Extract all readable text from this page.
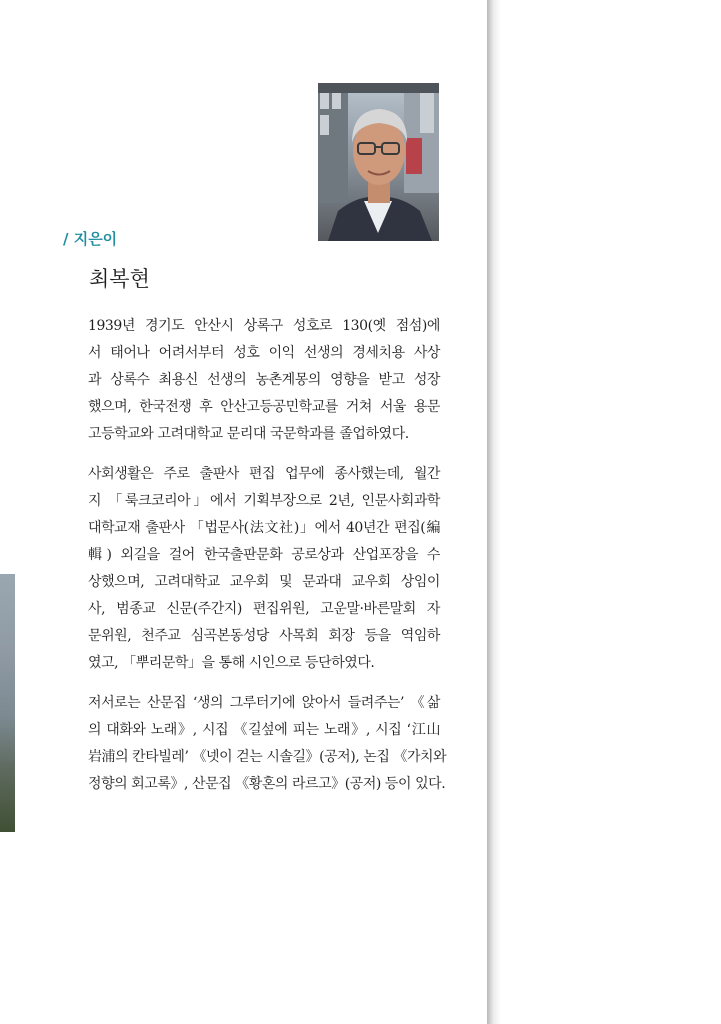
/ 지은이
최복현
1939년 경기도 안산시 상록구 성호로 130(옛 점섬)에
서 태어나 어려서부터 성호 이익 선생의 경세치용 사상
과 상록수 최용신 선생의 농촌계몽의 영향을 받고 성장
했으며, 한국전쟁 후 안산고등공민학교를 거쳐 서울 용문
고등학교와 고려대학교 문리대 국문학과를 졸업하였다.
사회생활은 주로 출판사 편집 업무에 종사했는데, 월간
지 「룩크코리아」에서 기획부장으로 2년, 인문사회과학
대학교재 출판사 「법문사(法文社)」에서 40년간 편집(編
輯) 외길을 걸어 한국출판문화 공로상과 산업포장을 수
상했으며, 고려대학교 교우회 및 문과대 교우회 상임이
사, 범종교 신문(주간지) 편집위원, 고운말·바른말회 자
문위원, 천주교 심곡본동성당 사목회 회장 등을 역임하
였고, 「뿌리문학」을 통해 시인으로 등단하였다.
저서로는 산문집 ‘생의 그루터기에 앉아서 들려주는’ 《삶
의 대화와 노래》, 시집 《길섶에 피는 노래》, 시집 ‘江山
岩浦의 칸타빌레’ 《넷이 걷는 시솔길》(공저), 논집 《가치와
정향의 회고록》, 산문집 《황혼의 라르고》(공저) 등이 있다.
